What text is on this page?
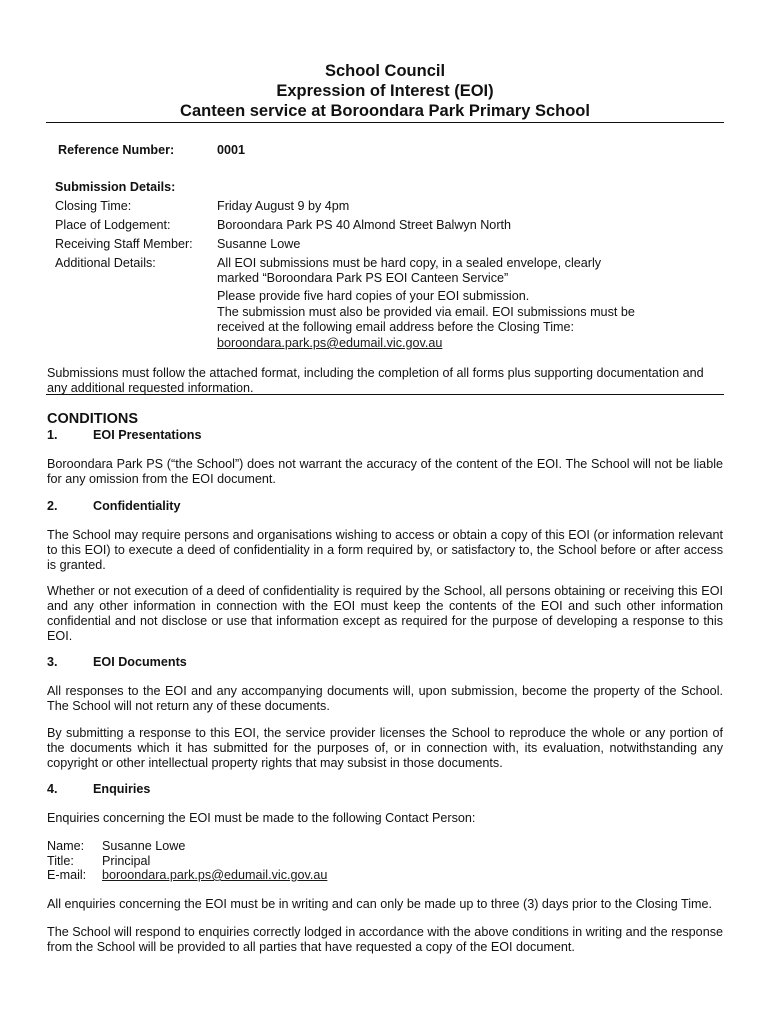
School Council
Expression of Interest (EOI)
Canteen service at Boroondara Park Primary School
Reference Number:	0001
Submission Details:
Closing Time:	Friday August 9 by 4pm
Place of Lodgement:	Boroondara Park PS 40 Almond Street Balwyn North
Receiving Staff Member:	Susanne Lowe
Additional Details:	All EOI submissions must be hard copy, in a sealed envelope, clearly marked “Boroondara Park PS EOI Canteen Service”
Please provide five hard copies of your EOI submission.
The submission must also be provided via email. EOI submissions must be received at the following email address before the Closing Time:
boroondara.park.ps@edumail.vic.gov.au
Submissions must follow the attached format, including the completion of all forms plus supporting documentation and any additional requested information.
CONDITIONS
1.	EOI Presentations
Boroondara Park PS (“the School”) does not warrant the accuracy of the content of the EOI. The School will not be liable for any omission from the EOI document.
2.	Confidentiality
The School may require persons and organisations wishing to access or obtain a copy of this EOI (or information relevant to this EOI) to execute a deed of confidentiality in a form required by, or satisfactory to, the School before or after access is granted.
Whether or not execution of a deed of confidentiality is required by the School, all persons obtaining or receiving this EOI and any other information in connection with the EOI must keep the contents of the EOI and such other information confidential and not disclose or use that information except as required for the purpose of developing a response to this EOI.
3.	EOI Documents
All responses to the EOI and any accompanying documents will, upon submission, become the property of the School. The School will not return any of these documents.
By submitting a response to this EOI, the service provider licenses the School to reproduce the whole or any portion of the documents which it has submitted for the purposes of, or in connection with, its evaluation, notwithstanding any copyright or other intellectual property rights that may subsist in those documents.
4.	Enquiries
Enquiries concerning the EOI must be made to the following Contact Person:
Name: Susanne Lowe
Title: Principal
E-mail: boroondara.park.ps@edumail.vic.gov.au
All enquiries concerning the EOI must be in writing and can only be made up to three (3) days prior to the Closing Time.
The School will respond to enquiries correctly lodged in accordance with the above conditions in writing and the response from the School will be provided to all parties that have requested a copy of the EOI document.
